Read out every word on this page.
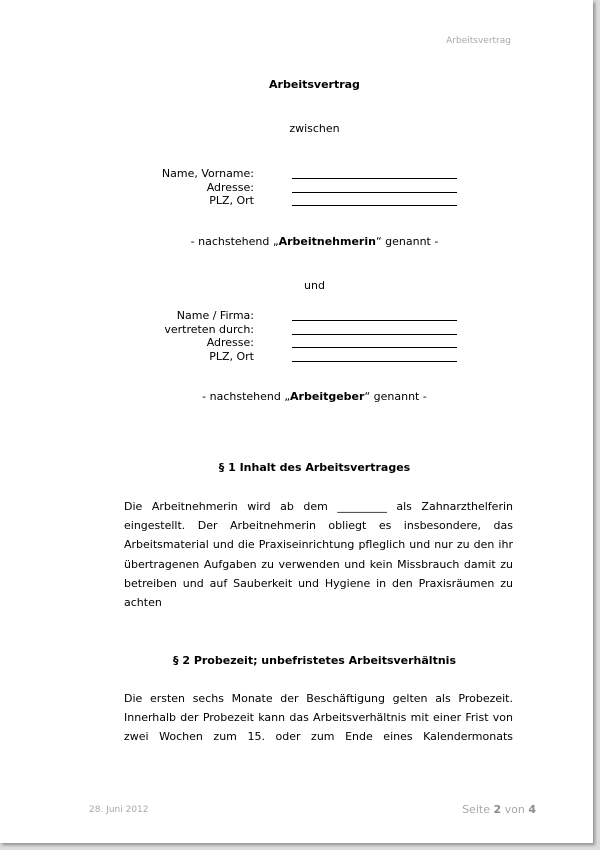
Arbeitsvertrag
Arbeitsvertrag
zwischen
Name, Vorname:
Adresse:
PLZ, Ort
- nachstehend „Arbeitnehmerin“ genannt -
und
Name / Firma:
vertreten durch:
Adresse:
PLZ, Ort
- nachstehend „Arbeitgeber“ genannt -
§ 1 Inhalt des Arbeitsvertrages
Die Arbeitnehmerin wird ab dem _________ als Zahnarzthelferin
eingestellt. Der Arbeitnehmerin obliegt es insbesondere, das
Arbeitsmaterial und die Praxiseinrichtung pfleglich und nur zu den ihr
übertragenen Aufgaben zu verwenden und kein Missbrauch damit zu
betreiben und auf Sauberkeit und Hygiene in den Praxisräumen zu
achten
§ 2 Probezeit; unbefristetes Arbeitsverhältnis
Die ersten sechs Monate der Beschäftigung gelten als Probezeit.
Innerhalb der Probezeit kann das Arbeitsverhältnis mit einer Frist von
zwei Wochen zum 15. oder zum Ende eines Kalendermonats
28. Juni 2012	Seite 2 von 4
